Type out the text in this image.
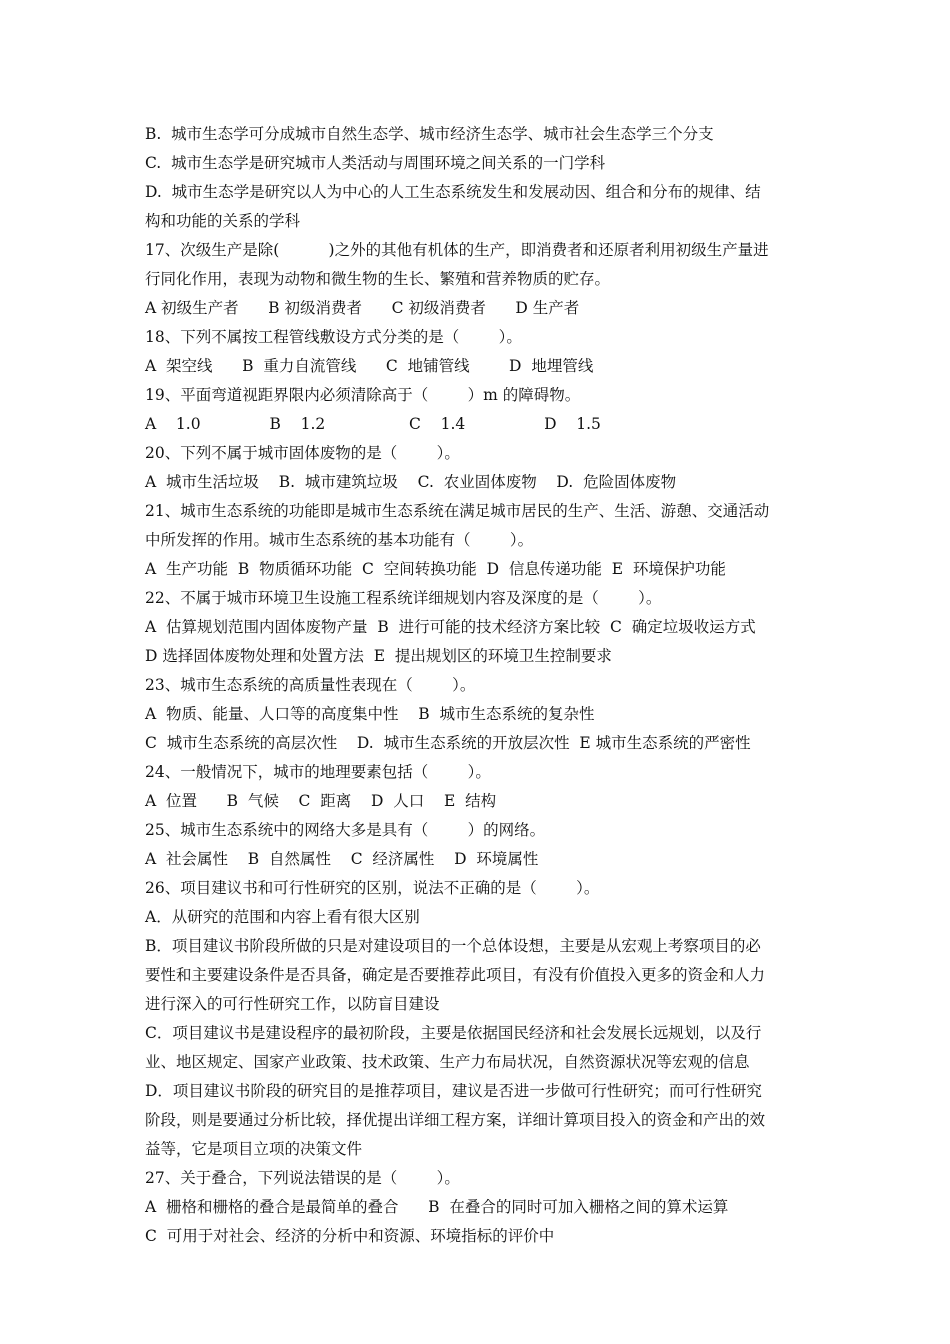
B.  城市生态学可分成城市自然生态学、城市经济生态学、城市社会生态学三个分支
C.  城市生态学是研究城市人类活动与周围环境之间关系的一门学科
D.  城市生态学是研究以人为中心的人工生态系统发生和发展动因、组合和分布的规律、结
构和功能的关系的学科
17、次级生产是除(          )之外的其他有机体的生产，即消费者和还原者利用初级生产量进
行同化作用，表现为动物和微生物的生长、繁殖和营养物质的贮存。
A 初级生产者      B 初级消费者      C 初级消费者      D 生产者
18、下列不属按工程管线敷设方式分类的是（        ）。
A  架空线      B  重力自流管线      C  地铺管线        D  地埋管线
19、平面弯道视距界限内必须清除高于（        ）m 的障碍物。
A    1.0              B    1.2                 C    1.4                D    1.5
20、下列不属于城市固体废物的是（        ）。
A  城市生活垃圾    B.  城市建筑垃圾    C.  农业固体废物    D.  危险固体废物
21、城市生态系统的功能即是城市生态系统在满足城市居民的生产、生活、游憩、交通活动
中所发挥的作用。城市生态系统的基本功能有（        ）。
A  生产功能  B  物质循环功能  C  空间转换功能  D  信息传递功能  E  环境保护功能
22、不属于城市环境卫生设施工程系统详细规划内容及深度的是（        ）。
A  估算规划范围内固体废物产量  B  进行可能的技术经济方案比较  C  确定垃圾收运方式
D 选择固体废物处理和处置方法  E  提出规划区的环境卫生控制要求
23、城市生态系统的高质量性表现在（        ）。
A  物质、能量、人口等的高度集中性    B  城市生态系统的复杂性
C  城市生态系统的高层次性    D.  城市生态系统的开放层次性  E 城市生态系统的严密性
24、一般情况下，城市的地理要素包括（        ）。
A  位置      B  气候    C  距离    D  人口    E  结构
25、城市生态系统中的网络大多是具有（        ）的网络。
A  社会属性    B  自然属性    C  经济属性    D  环境属性
26、项目建议书和可行性研究的区别，说法不正确的是（        ）。
A．从研究的范围和内容上看有很大区别
B．项目建议书阶段所做的只是对建设项目的一个总体设想，主要是从宏观上考察项目的必
要性和主要建设条件是否具备，确定是否要推荐此项目，有没有价值投入更多的资金和人力
进行深入的可行性研究工作，以防盲目建设
C．项目建议书是建设程序的最初阶段，主要是依据国民经济和社会发展长远规划，以及行
业、地区规定、国家产业政策、技术政策、生产力布局状况，自然资源状况等宏观的信息
D．项目建议书阶段的研究目的是推荐项目，建议是否进一步做可行性研究；而可行性研究
阶段，则是要通过分析比较，择优提出详细工程方案，详细计算项目投入的资金和产出的效
益等，它是项目立项的决策文件
27、关于叠合，下列说法错误的是（        ）。
A  栅格和栅格的叠合是最简单的叠合      B  在叠合的同时可加入栅格之间的算术运算
C  可用于对社会、经济的分析中和资源、环境指标的评价中
